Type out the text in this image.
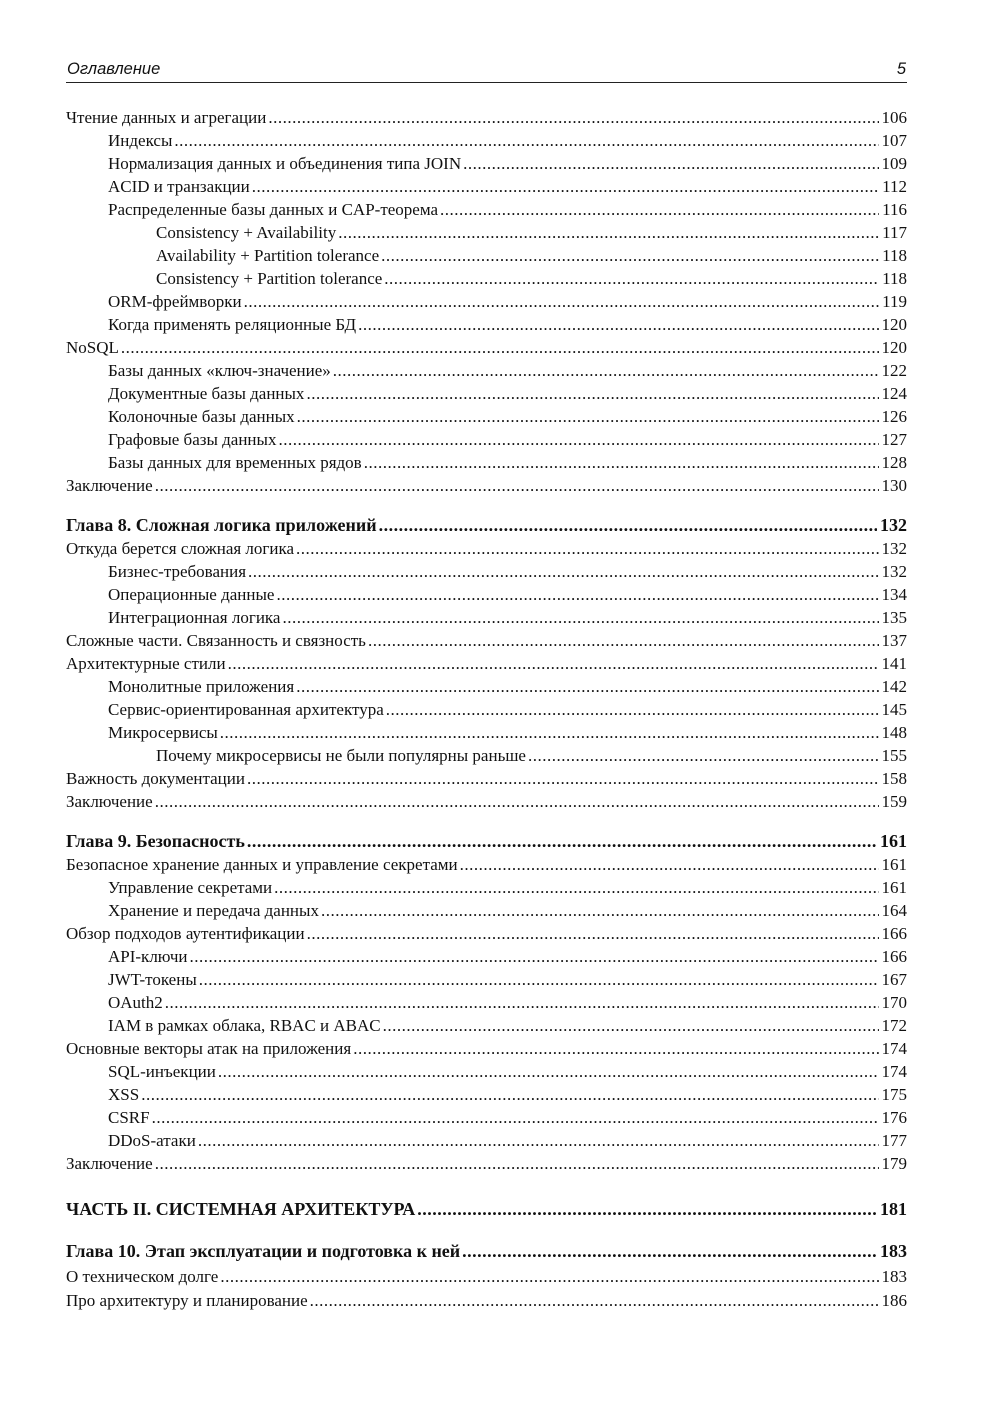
Оглавление	5
Чтение данных и агрегации .....	106
Индексы .....	107
Нормализация данных и объединения типа JOIN .....	109
ACID и транзакции .....	112
Распределенные базы данных и CAP-теорема .....	116
Consistency + Availability .....	117
Availability + Partition tolerance .....	118
Consistency + Partition tolerance .....	118
ORM-фреймворки .....	119
Когда применять реляционные БД .....	120
NoSQL .....	120
Базы данных «ключ-значение» .....	122
Документные базы данных .....	124
Колоночные базы данных .....	126
Графовые базы данных .....	127
Базы данных для временных рядов .....	128
Заключение .....	130
Глава 8. Сложная логика приложений .....	132
Откуда берется сложная логика .....	132
Бизнес-требования .....	132
Операционные данные .....	134
Интеграционная логика .....	135
Сложные части. Связанность и связность .....	137
Архитектурные стили .....	141
Монолитные приложения .....	142
Сервис-ориентированная архитектура .....	145
Микросервисы .....	148
Почему микросервисы не были популярны раньше .....	155
Важность документации .....	158
Заключение .....	159
Глава 9. Безопасность .....	161
Безопасное хранение данных и управление секретами .....	161
Управление секретами .....	161
Хранение и передача данных .....	164
Обзор подходов аутентификации .....	166
API-ключи .....	166
JWT-токены .....	167
OAuth2 .....	170
IAM в рамках облака, RBAC и ABAC .....	172
Основные векторы атак на приложения .....	174
SQL-инъекции .....	174
XSS .....	175
CSRF .....	176
DDoS-атаки .....	177
Заключение .....	179
ЧАСТЬ II. СИСТЕМНАЯ АРХИТЕКТУРА .....	181
Глава 10. Этап эксплуатации и подготовка к ней .....	183
О техническом долге .....	183
Про архитектуру и планирование .....	186
